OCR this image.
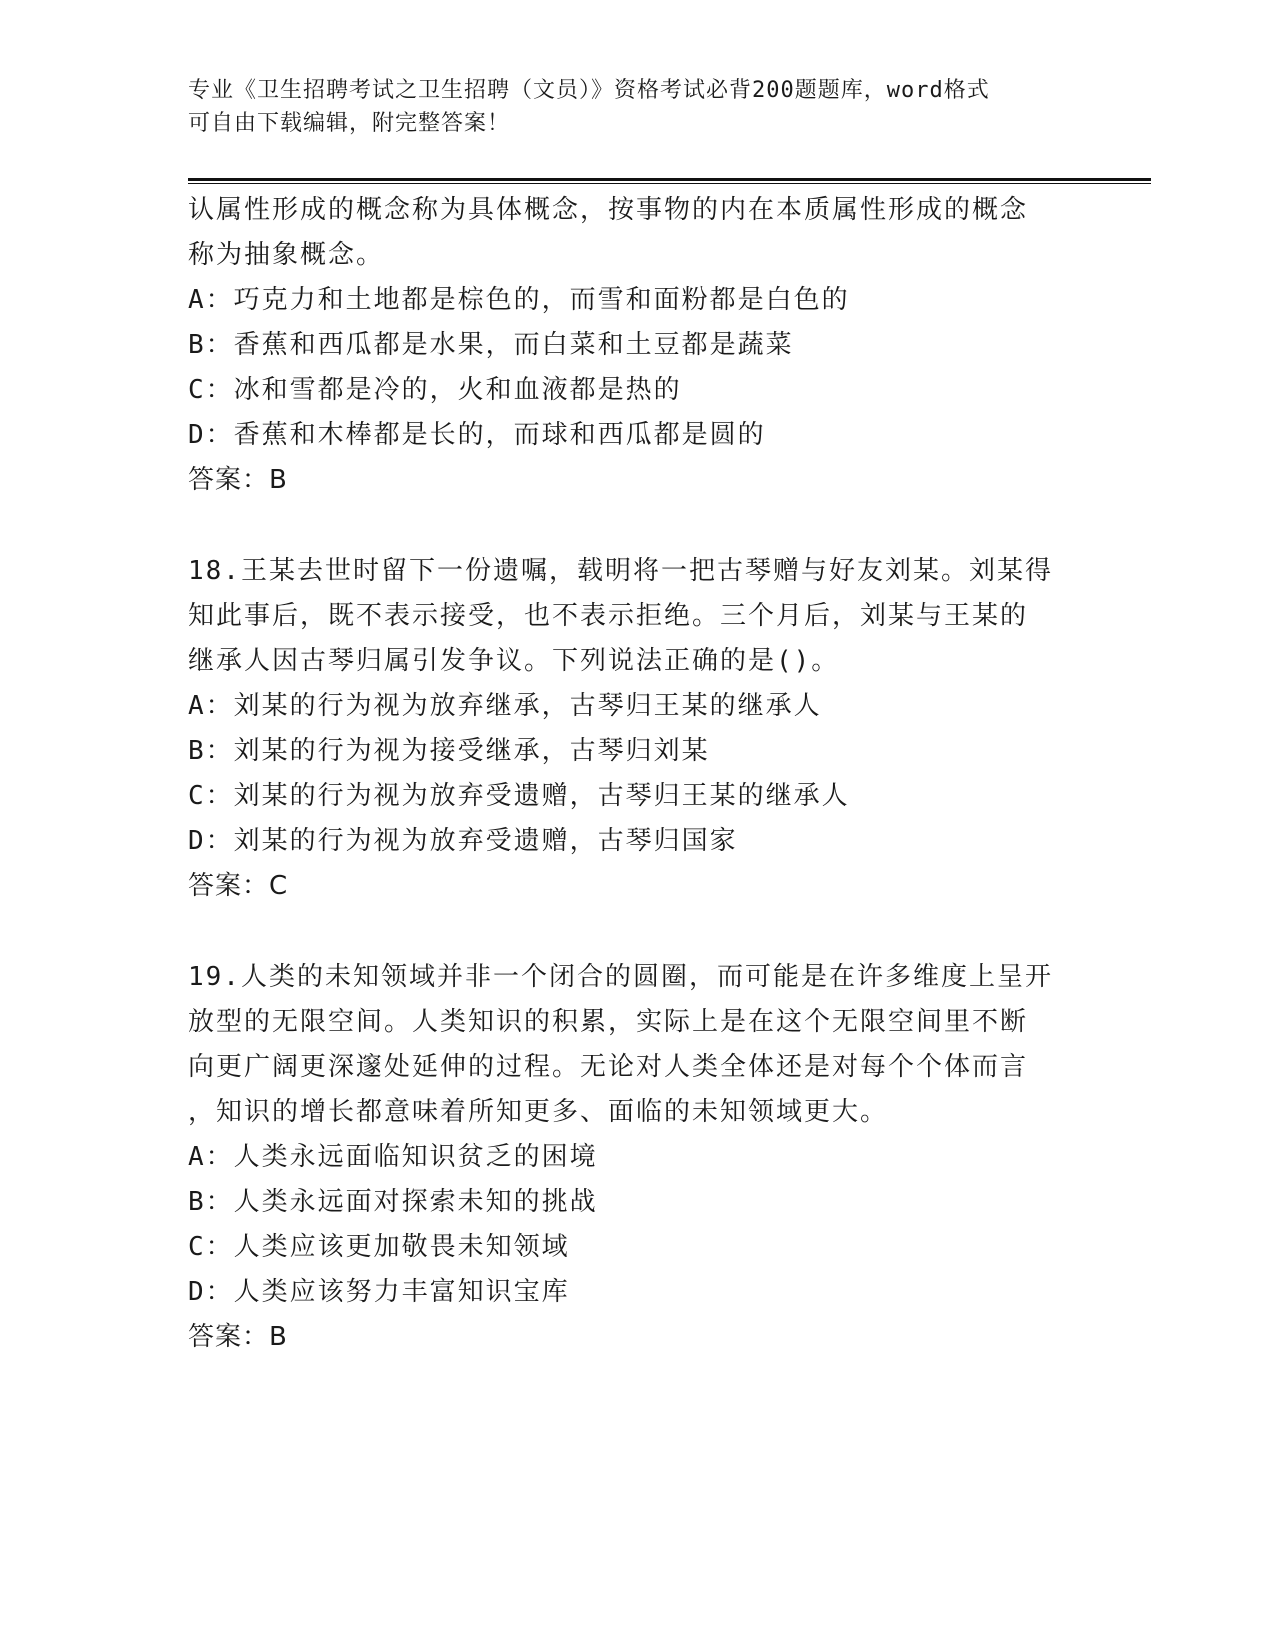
专业《卫生招聘考试之卫生招聘（文员）》资格考试必背200题题库，word格式
可自由下载编辑，附完整答案！
认属性形成的概念称为具体概念，按事物的内在本质属性形成的概念
称为抽象概念。
A：巧克力和土地都是棕色的，而雪和面粉都是白色的
B：香蕉和西瓜都是水果，而白菜和土豆都是蔬菜
C：冰和雪都是冷的，火和血液都是热的
D：香蕉和木棒都是长的，而球和西瓜都是圆的
答案：B
18.王某去世时留下一份遗嘱，载明将一把古琴赠与好友刘某。刘某得
知此事后，既不表示接受，也不表示拒绝。三个月后，刘某与王某的
继承人因古琴归属引发争议。下列说法正确的是()。
A：刘某的行为视为放弃继承，古琴归王某的继承人
B：刘某的行为视为接受继承，古琴归刘某
C：刘某的行为视为放弃受遗赠，古琴归王某的继承人
D：刘某的行为视为放弃受遗赠，古琴归国家
答案：C
19.人类的未知领域并非一个闭合的圆圈，而可能是在许多维度上呈开
放型的无限空间。人类知识的积累，实际上是在这个无限空间里不断
向更广阔更深邃处延伸的过程。无论对人类全体还是对每个个体而言
，知识的增长都意味着所知更多、面临的未知领域更大。
A：人类永远面临知识贫乏的困境
B：人类永远面对探索未知的挑战
C：人类应该更加敬畏未知领域
D：人类应该努力丰富知识宝库
答案：B
